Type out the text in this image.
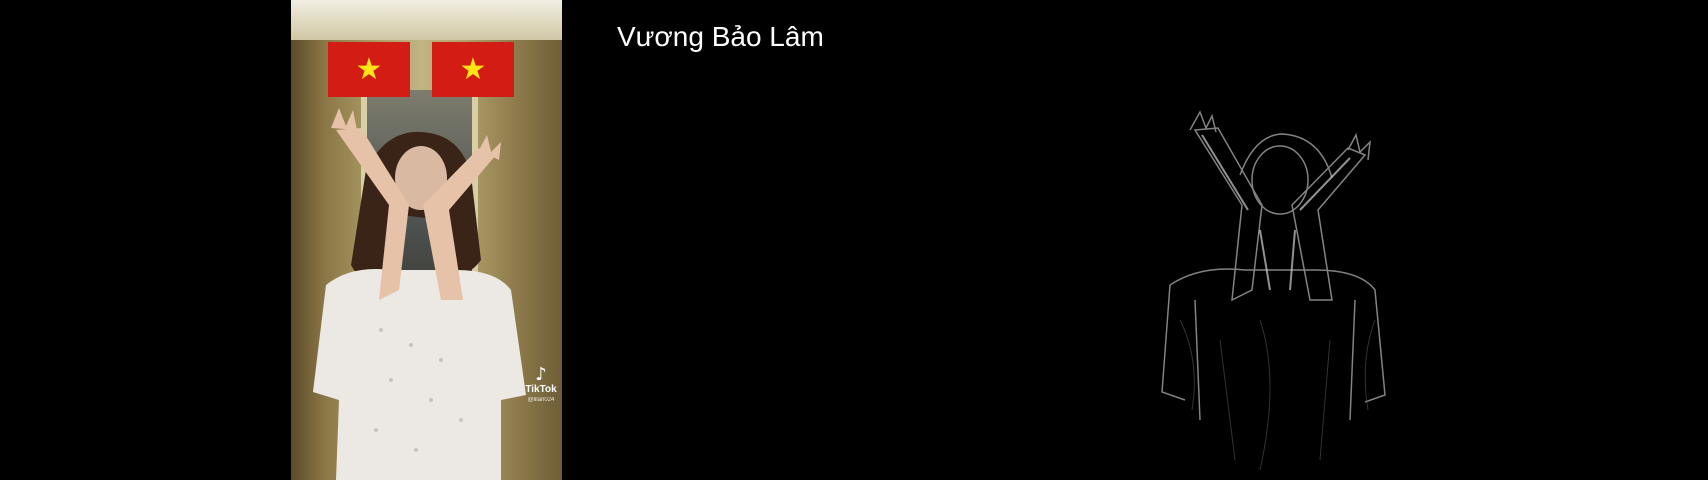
★	★
♪
TikTok
@lilan024
Vương Bảo Lâm
